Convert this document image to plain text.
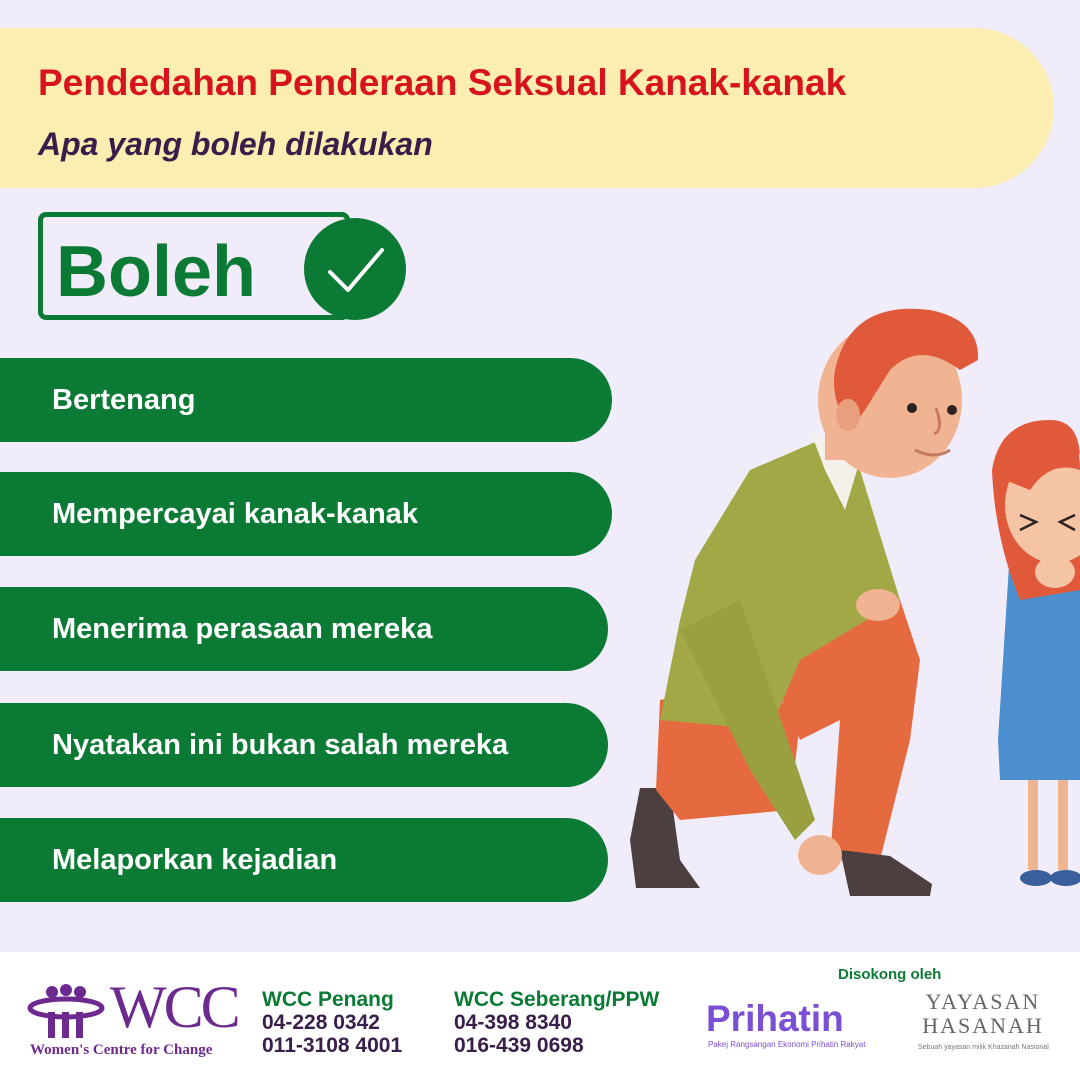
Pendedahan Penderaan Seksual Kanak-kanak
Apa yang boleh dilakukan
Boleh
Bertenang
Mempercayai kanak-kanak
Menerima perasaan mereka
Nyatakan ini bukan salah mereka
Melaporkan kejadian
WCC
Women's Centre for Change
WCC Penang
04-228 0342
011-3108 4001
WCC Seberang/PPW
04-398 8340
016-439 0698
Disokong oleh
Prihatin
Pakej Rangsangan Ekonomi Prihatin Rakyat
YAYASAN HASANAH
Sebuah yayasan milik Khazanah Nasional
